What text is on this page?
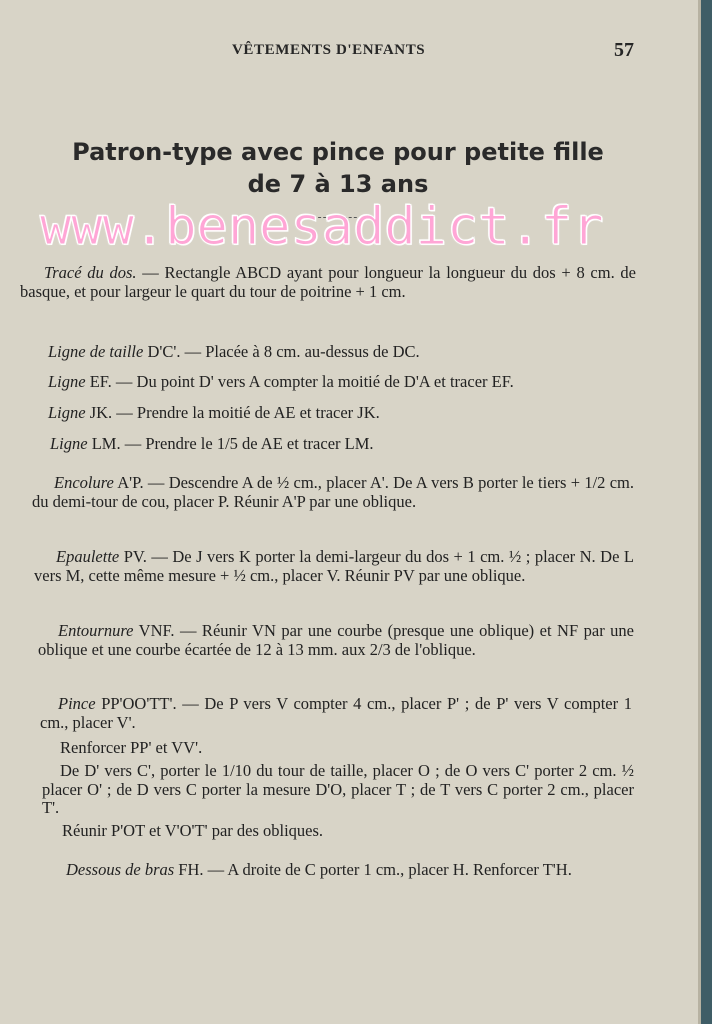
VÊTEMENTS D'ENFANTS	57
Patron-type avec pince pour petite fille
de 7 à 13 ans
Tracé du dos. — Rectangle ABCD ayant pour longueur la longueur du dos + 8 cm. de basque, et pour largeur le quart du tour de poitrine + 1 cm.
Ligne de taille D'C'. — Placée à 8 cm. au-dessus de DC.
Ligne EF. — Du point D' vers A compter la moitié de D'A et tracer EF.
Ligne JK. — Prendre la moitié de AE et tracer JK.
Ligne LM. — Prendre le 1/5 de AE et tracer LM.
Encolure A'P. — Descendre A de ½ cm., placer A'. De A vers B porter le tiers + 1/2 cm. du demi-tour de cou, placer P. Réunir A'P par une oblique.
Epaulette PV. — De J vers K porter la demi-largeur du dos + 1 cm. ½ ; placer N. De L vers M, cette même mesure + ½ cm., placer V. Réunir PV par une oblique.
Entournure VNF. — Réunir VN par une courbe (presque une oblique) et NF par une oblique et une courbe écartée de 12 à 13 mm. aux 2/3 de l'oblique.
Pince PP'OO'TT'. — De P vers V compter 4 cm., placer P' ; de P' vers V compter 1 cm., placer V'.
Renforcer PP' et VV'.
De D' vers C', porter le 1/10 du tour de taille, placer O ; de O vers C' porter 2 cm. ½ placer O' ; de D vers C porter la mesure D'O, placer T ; de T vers C porter 2 cm., placer T'.
Réunir P'OT et V'O'T' par des obliques.
Dessous de bras FH. — A droite de C porter 1 cm., placer H. Renforcer T'H.
www.benesaddict.fr
